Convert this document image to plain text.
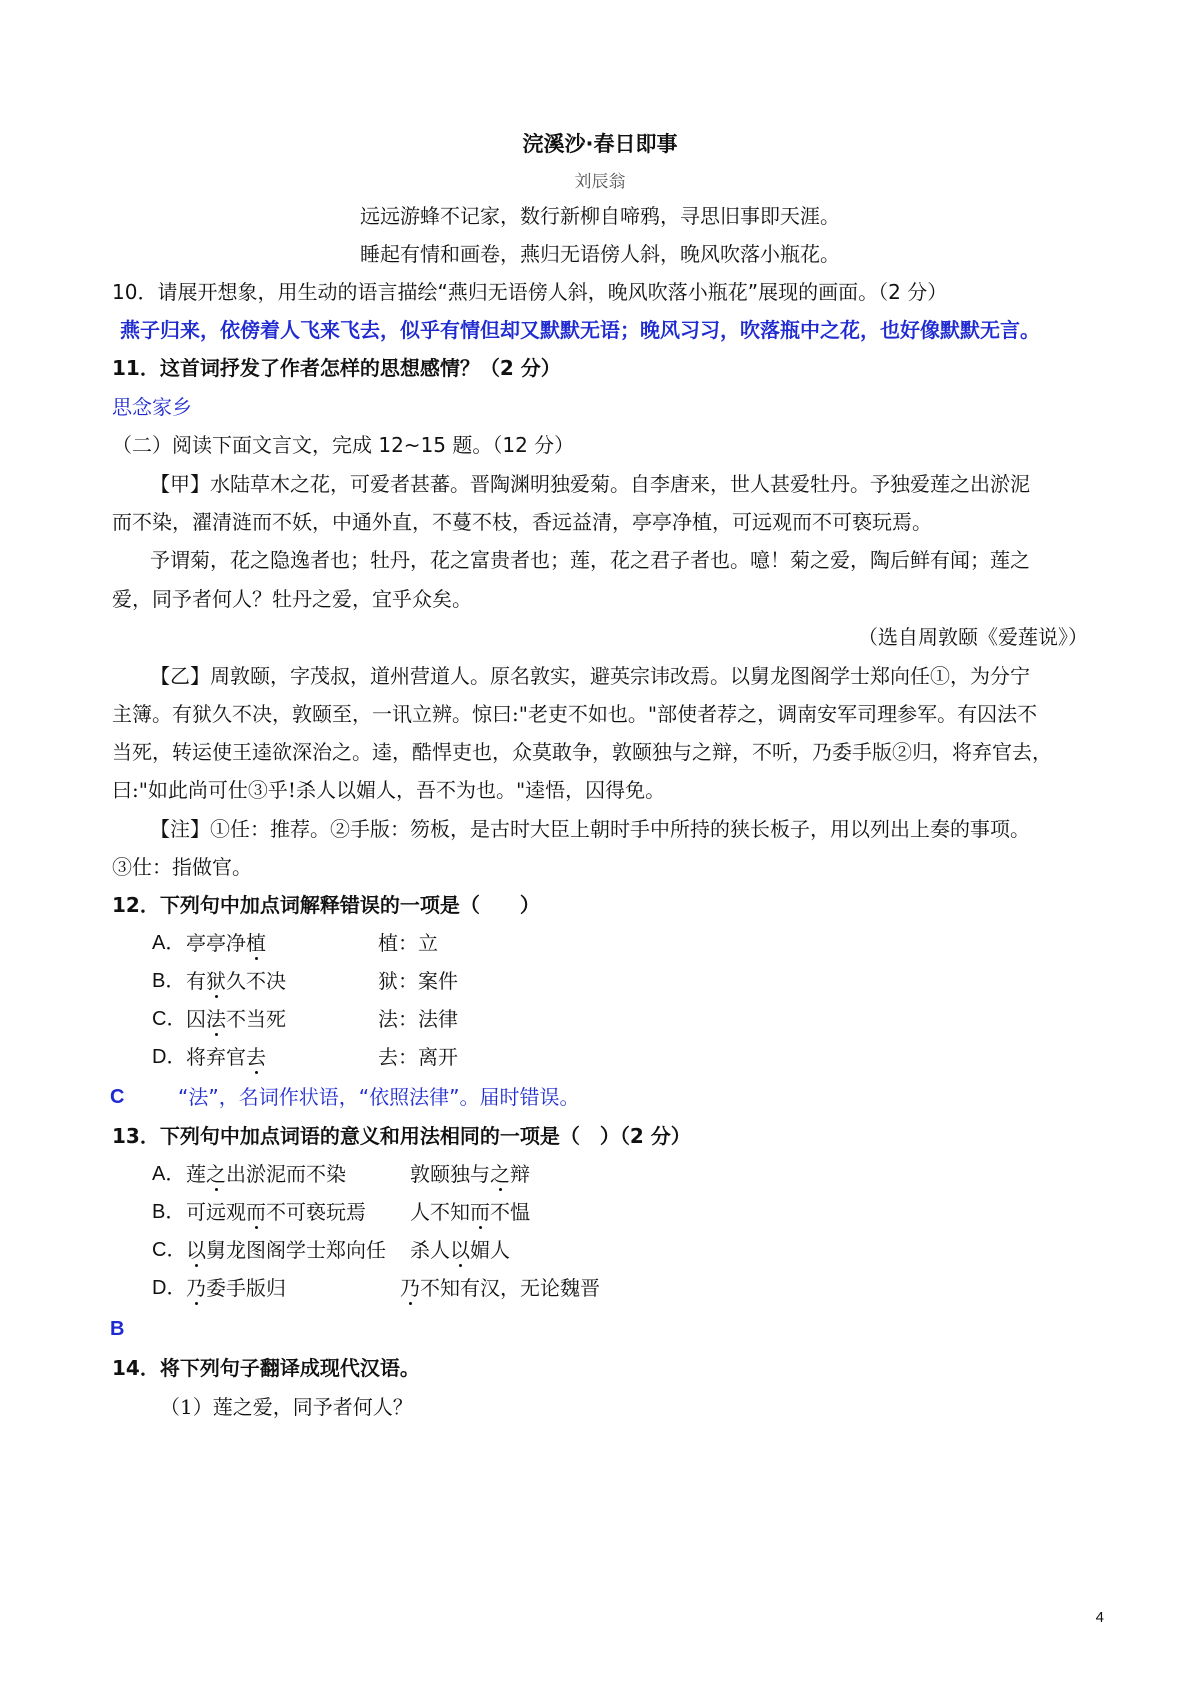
浣溪沙·春日即事
刘辰翁
远远游蜂不记家，数行新柳自啼鸦，寻思旧事即天涯。
睡起有情和画卷，燕归无语傍人斜，晚风吹落小瓶花。
10．请展开想象，用生动的语言描绘“燕归无语傍人斜，晚风吹落小瓶花”展现的画面。（2 分）
燕子归来，依傍着人飞来飞去，似乎有情但却又默默无语；晚风习习，吹落瓶中之花，也好像默默无言。
11．这首词抒发了作者怎样的思想感情？（2 分）
思念家乡
（二）阅读下面文言文，完成 12~15 题。（12 分）
【甲】水陆草木之花，可爱者甚蕃。晋陶渊明独爱菊。自李唐来，世人甚爱牡丹。予独爱莲之出淤泥
而不染，濯清涟而不妖，中通外直，不蔓不枝，香远益清，亭亭净植，可远观而不可亵玩焉。
予谓菊，花之隐逸者也；牡丹，花之富贵者也；莲，花之君子者也。噫！菊之爱，陶后鲜有闻；莲之
爱，同予者何人？牡丹之爱，宜乎众矣。
（选自周敦颐《爱莲说》）
【乙】周敦颐，字茂叔，道州营道人。原名敦实，避英宗讳改焉。以舅龙图阁学士郑向任①，为分宁
主簿。有狱久不决，敦颐至，一讯立辨。惊曰:"老吏不如也。"部使者荐之，调南安军司理参军。有囚法不
当死，转运使王逵欲深治之。逵，酷悍吏也，众莫敢争，敦颐独与之辩，不听，乃委手版②归，将弃官去，
曰:"如此尚可仕③乎!杀人以媚人，吾不为也。"逵悟，囚得免。
【注】①任：推荐。②手版：笏板，是古时大臣上朝时手中所持的狭长板子，用以列出上奏的事项。
③仕：指做官。
12．下列句中加点词解释错误的一项是（　　）
A． 亭亭净植	植：立
B． 有狱久不决	狱：案件
C． 囚法不当死	法：法律
D． 将弃官去	去：离开
C	“法”，名词作状语，“依照法律”。届时错误。
13．下列句中加点词语的意义和用法相同的一项是（　）（2 分）
A． 莲之出淤泥而不染	敦颐独与之辩
B． 可远观而不可亵玩焉 人不知而不愠
C． 以舅龙图阁学士郑向任 杀人以媚人
D． 乃委手版归	乃不知有汉，无论魏晋
B
14．将下列句子翻译成现代汉语。
（1）莲之爱，同予者何人？
4
